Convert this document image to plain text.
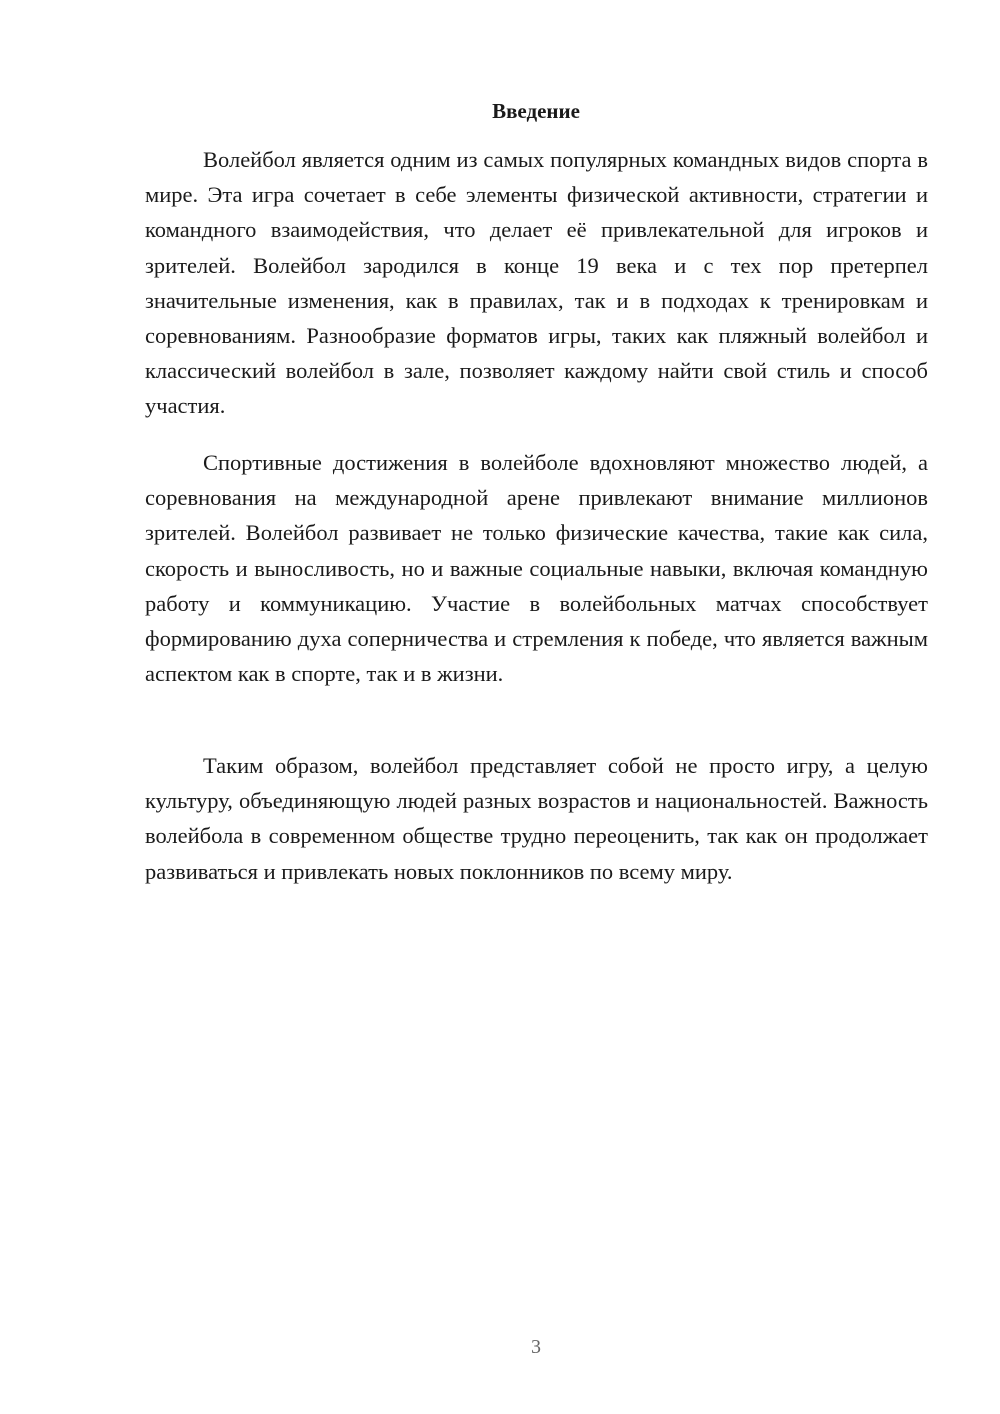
Введение

Волейбол является одним из самых популярных командных видов спорта в мире. Эта игра сочетает в себе элементы физической активности, стратегии и командного взаимодействия, что делает её привлекательной для игроков и зрителей. Волейбол зародился в конце 19 века и с тех пор претерпел значительные изменения, как в правилах, так и в подходах к тренировкам и соревнованиям. Разнообразие форматов игры, таких как пляжный волейбол и классический волейбол в зале, позволяет каждому найти свой стиль и способ участия.

Спортивные достижения в волейболе вдохновляют множество людей, а соревнования на международной арене привлекают внимание миллионов зрителей. Волейбол развивает не только физические качества, такие как сила, скорость и выносливость, но и важные социальные навыки, включая командную работу и коммуникацию. Участие в волейбольных матчах способствует формированию духа соперничества и стремления к победе, что является важным аспектом как в спорте, так и в жизни.

Таким образом, волейбол представляет собой не просто игру, а целую культуру, объединяющую людей разных возрастов и национальностей. Важность волейбола в современном обществе трудно переоценить, так как он продолжает развиваться и привлекать новых поклонников по всему миру.

3
